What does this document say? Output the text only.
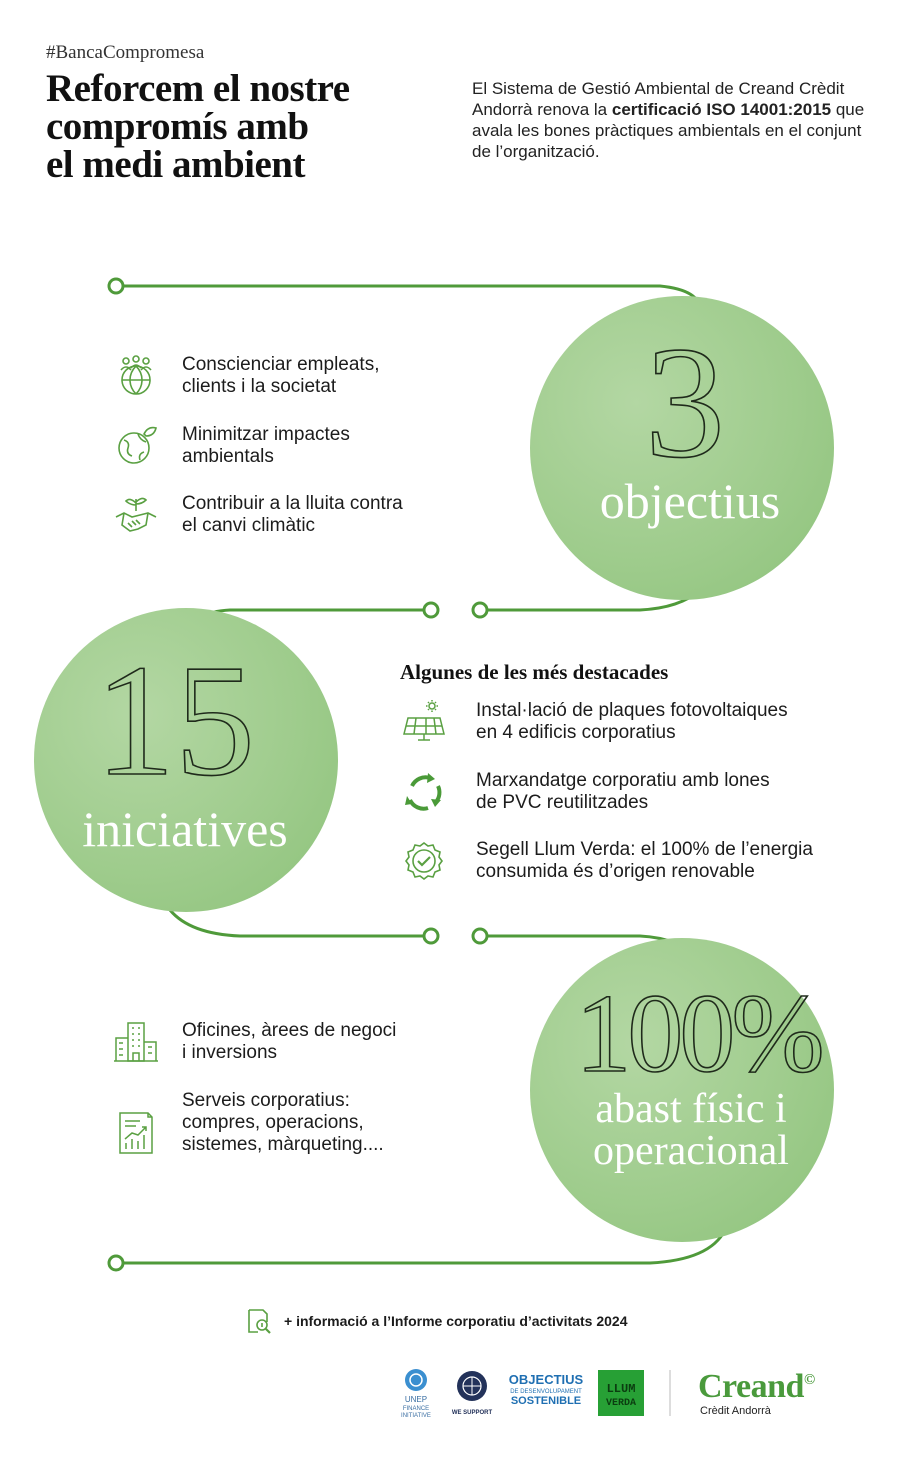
#BancaCompromesa
Reforcem el nostre
compromís amb
el medi ambient

El Sistema de Gestió Ambiental de Creand Crèdit Andorrà renova la certificació ISO 14001:2015 que avala les bones pràctiques ambientals en el conjunt de l’organització.

3
objectius
Conscienciar empleats,
clients i la societat
Minimitzar impactes
ambientals
Contribuir a la lluita contra
el canvi climàtic
15
iniciatives
Algunes de les més destacades
Instal·lació de plaques fotovoltaiques
en 4 edificis corporatius
Marxandatge corporatiu amb lones
de PVC reutilitzades
Segell Llum Verda: el 100% de l’energia
consumida és d’origen renovable
100%
abast físic i
operacional
Oficines, àrees de negoci
i inversions
Serveis corporatius:
compres, operacions,
sistemes, màrqueting....
+ informació a l’Informe corporatiu d’activitats 2024
UNEP
FINANCE
INITIATIVE	WE SUPPORT
OBJECTIUS
DE DESENVOLUPAMENT
SOSTENIBLE
LLUM
VERDA Creand©
Crèdit Andorrà
